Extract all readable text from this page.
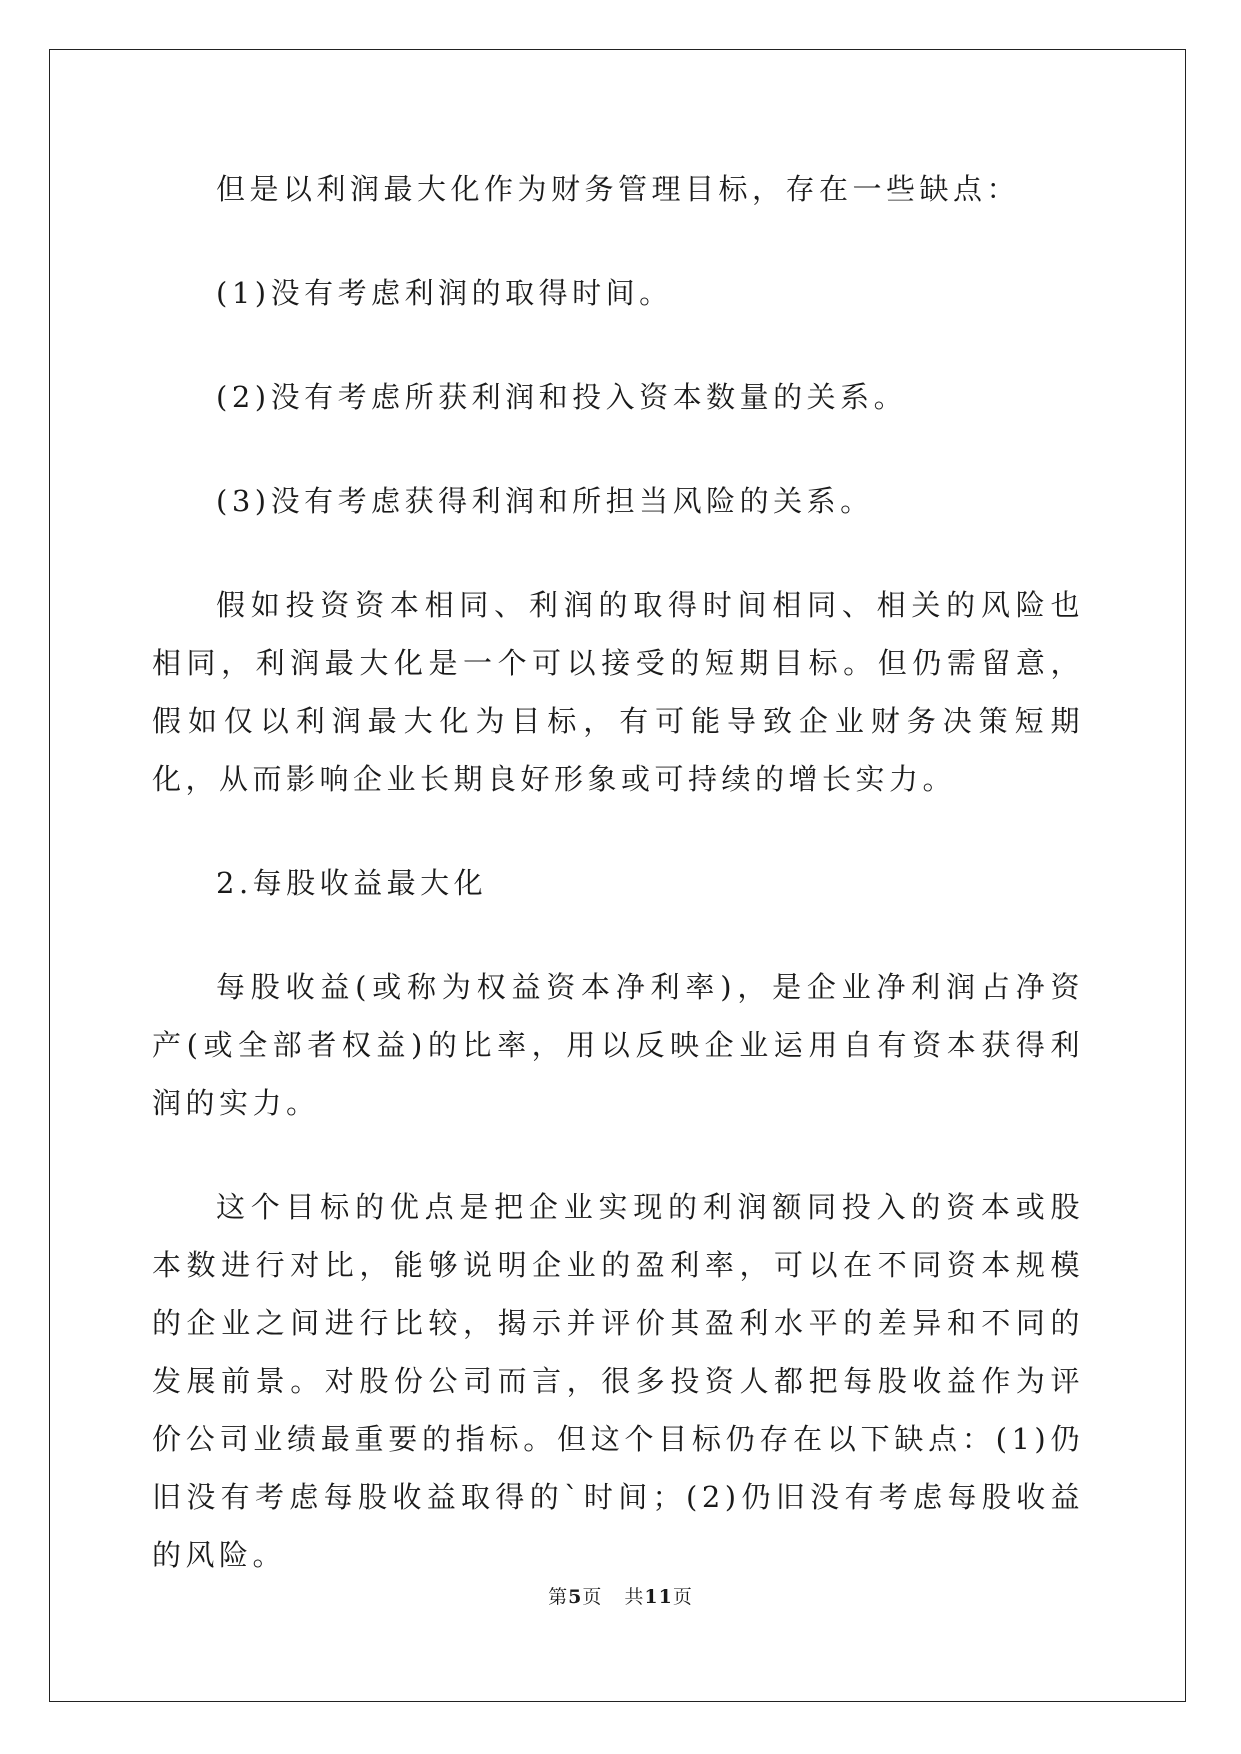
但是以利润最大化作为财务管理目标，存在一些缺点：

(1)没有考虑利润的取得时间。

(2)没有考虑所获利润和投入资本数量的关系。

(3)没有考虑获得利润和所担当风险的关系。

假如投资资本相同、利润的取得时间相同、相关的风险也相同，利润最大化是一个可以接受的短期目标。但仍需留意，假如仅以利润最大化为目标，有可能导致企业财务决策短期化，从而影响企业长期良好形象或可持续的增长实力。

2.每股收益最大化

每股收益(或称为权益资本净利率)，是企业净利润占净资产(或全部者权益)的比率，用以反映企业运用自有资本获得利润的实力。

这个目标的优点是把企业实现的利润额同投入的资本或股本数进行对比，能够说明企业的盈利率，可以在不同资本规模的企业之间进行比较，揭示并评价其盈利水平的差异和不同的发展前景。对股份公司而言，很多投资人都把每股收益作为评价公司业绩最重要的指标。但这个目标仍存在以下缺点：(1)仍旧没有考虑每股收益取得的`时间；(2)仍旧没有考虑每股收益的风险。

第5页 共11页
